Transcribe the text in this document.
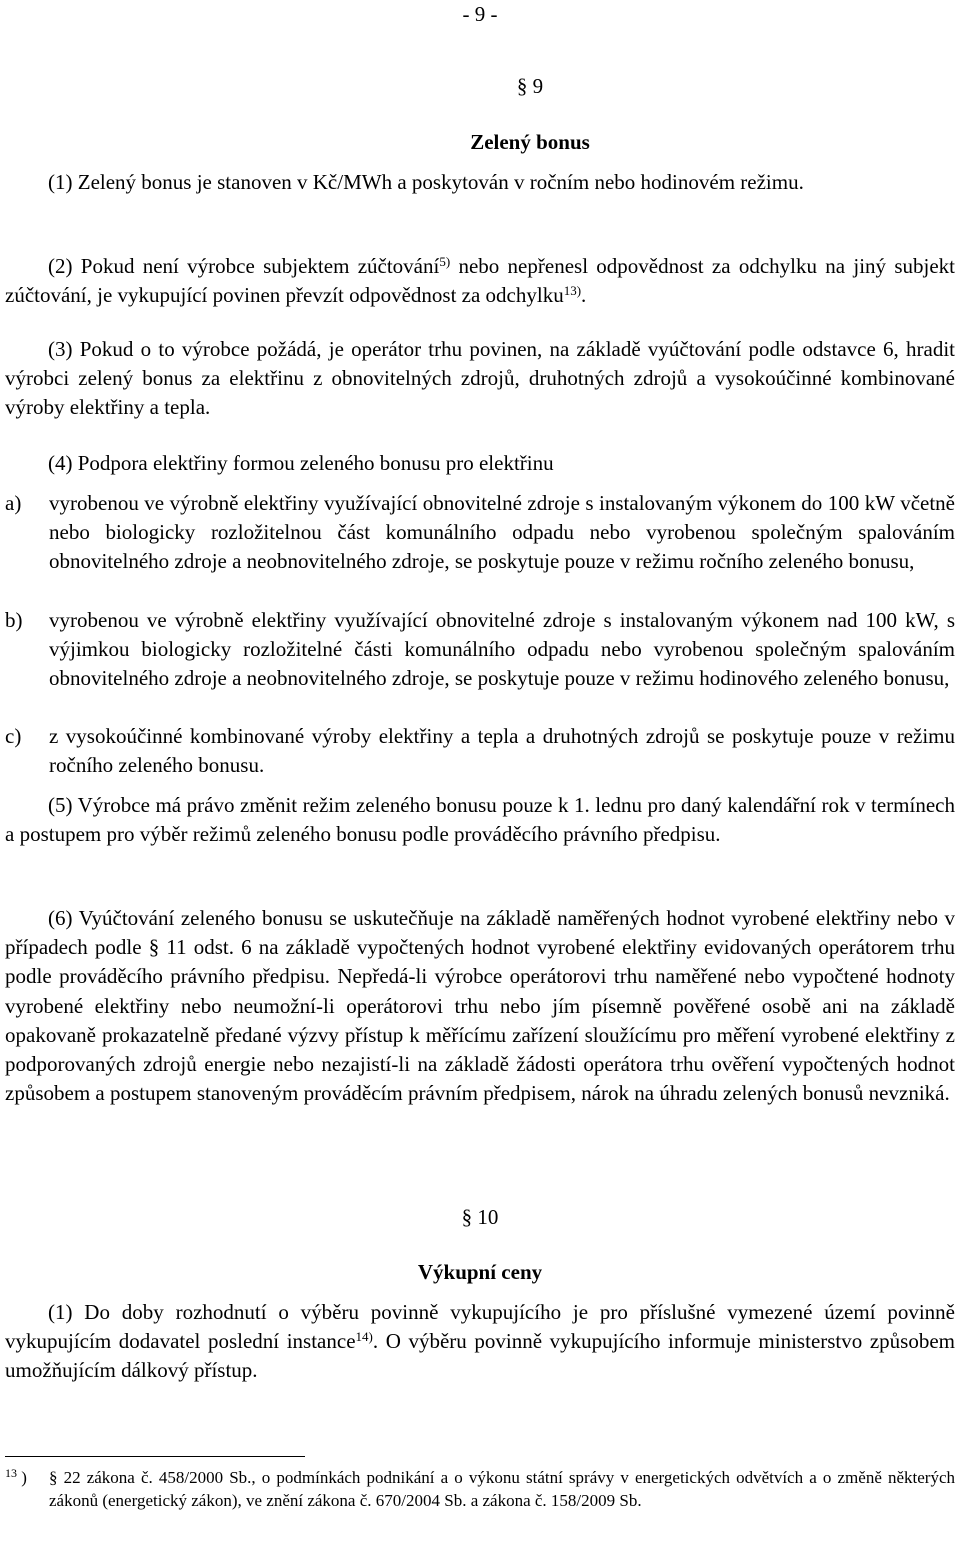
- 9 -
§ 9
Zelený bonus

(1) Zelený bonus je stanoven v Kč/MWh a poskytován v ročním nebo hodinovém režimu.

(2) Pokud není výrobce subjektem zúčtování$^{5)}$ nebo nepřenesl odpovědnost za odchylku na jiný subjekt zúčtování, je vykupující povinen převzít odpovědnost za odchylku$^{13)}$.

(3) Pokud o to výrobce požádá, je operátor trhu povinen, na základě vyúčtování podle odstavce 6, hradit výrobci zelený bonus za elektřinu z obnovitelných zdrojů, druhotných zdrojů a vysokoúčinné kombinované výroby elektřiny a tepla.

(4) Podpora elektřiny formou zeleného bonusu pro elektřinu

a) vyrobenou ve výrobně elektřiny využívající obnovitelné zdroje s instalovaným výkonem do 100 kW včetně nebo biologicky rozložitelnou část komunálního odpadu nebo vyrobenou společným spalováním obnovitelného zdroje a neobnovitelného zdroje, se poskytuje pouze v režimu ročního zeleného bonusu,
b) vyrobenou ve výrobně elektřiny využívající obnovitelné zdroje s instalovaným výkonem nad 100 kW, s výjimkou biologicky rozložitelné části komunálního odpadu nebo vyrobenou společným spalováním obnovitelného zdroje a neobnovitelného zdroje, se poskytuje pouze v režimu hodinového zeleného bonusu,
c) z vysokoúčinné kombinované výroby elektřiny a tepla a druhotných zdrojů se poskytuje pouze v režimu ročního zeleného bonusu.

(5) Výrobce má právo změnit režim zeleného bonusu pouze k 1. lednu pro daný kalendářní rok v termínech a postupem pro výběr režimů zeleného bonusu podle prováděcího právního předpisu.

(6) Vyúčtování zeleného bonusu se uskutečňuje na základě naměřených hodnot vyrobené elektřiny nebo v případech podle § 11 odst. 6 na základě vypočtených hodnot vyrobené elektřiny evidovaných operátorem trhu podle prováděcího právního předpisu. Nepředá-li výrobce operátorovi trhu naměřené nebo vypočtené hodnoty vyrobené elektřiny nebo neumožní-li operátorovi trhu nebo jím písemně pověřené osobě ani na základě opakovaně prokazatelně předané výzvy přístup k měřícímu zařízení sloužícímu pro měření vyrobené elektřiny z podporovaných zdrojů energie nebo nezajistí-li na základě žádosti operátora trhu ověření vypočtených hodnot způsobem a postupem stanoveným prováděcím právním předpisem, nárok na úhradu zelených bonusů nevzniká.

§ 10
Výkupní ceny

(1) Do doby rozhodnutí o výběru povinně vykupujícího je pro příslušné vymezené území povinně vykupujícím dodavatel poslední instance$^{14)}$. O výběru povinně vykupujícího informuje ministerstvo způsobem umožňujícím dálkový přístup.

$^{13}$ ) § 22 zákona č. 458/2000 Sb., o podmínkách podnikání a o výkonu státní správy v energetických odvětvích a o změně některých zákonů (energetický zákon), ve znění zákona č. 670/2004 Sb. a zákona č. 158/2009 Sb.
